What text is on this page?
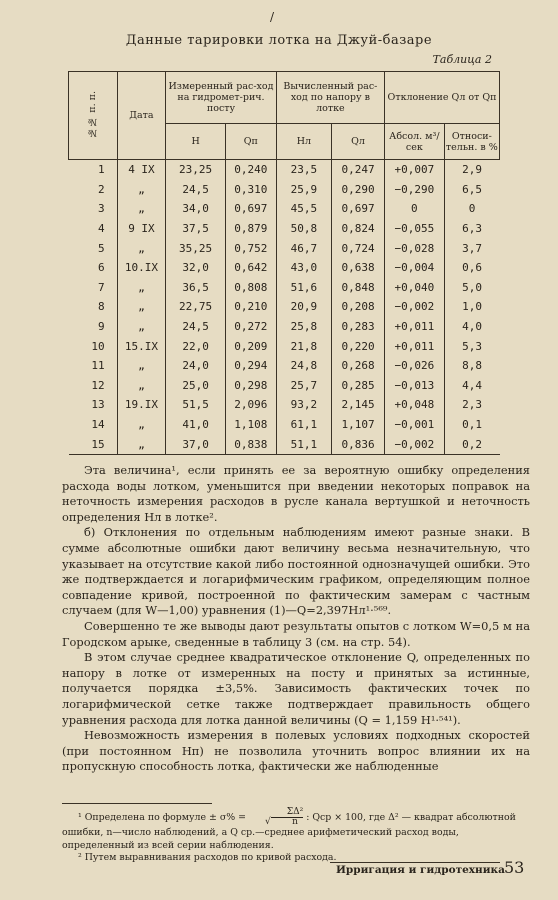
/
Данные тарировки лотка на Джуй-базаре
Таблица 2
№№ п. п.	Дата	Измеренный рас-ход на гидромет-рич. посту		Вычисленный рас-ход по напору в лотке		Отклонение Qл от Qп	
		H	Qп	Hл	Qл	Абсол. м³/сек	Относи-тельн. в %
1	4 IX	23,25	0,240	23,5	0,247	+0,007	2,9
2	„	24,5	0,310	25,9	0,290	−0,290	6,5
3	„	34,0	0,697	45,5	0,697	0	0
4	9 IX	37,5	0,879	50,8	0,824	−0,055	6,3
5	„	35,25	0,752	46,7	0,724	−0,028	3,7
6	10.IX	32,0	0,642	43,0	0,638	−0,004	0,6
7	„	36,5	0,808	51,6	0,848	+0,040	5,0
8	„	22,75	0,210	20,9	0,208	−0,002	1,0
9	„	24,5	0,272	25,8	0,283	+0,011	4,0
10	15.IX	22,0	0,209	21,8	0,220	+0,011	5,3
11	„	24,0	0,294	24,8	0,268	−0,026	8,8
12	„	25,0	0,298	25,7	0,285	−0,013	4,4
13	19.IX	51,5	2,096	93,2	2,145	+0,048	2,3
14	„	41,0	1,108	61,1	1,107	−0,001	0,1
15	„	37,0	0,838	51,1	0,836	−0,002	0,2

Эта величина¹, если принять ее за вероятную ошибку определения расхода воды лотком, уменьшится при введении некоторых поправок на неточность измерения расходов в русле канала вертушкой и неточность определения Hл в лотке².

б) Отклонения по отдельным наблюдениям имеют разные знаки. В сумме абсолютные ошибки дают величину весьма незначительную, что указывает на отсутствие какой либо постоянной однозначущей ошибки. Это же подтверждается и логарифмическим графиком, определяющим полное совпадение кривой, построенной по фактическим замерам с частным случаем (для W—1,00) уравнения (1)—Q=2,397Hл¹·⁵⁶⁹.

Совершенно те же выводы дают результаты опытов с лотком W=0,5 м на Городском арыке, сведенные в таблицу 3 (см. на стр. 54).

В этом случае среднее квадратическое отклонение Q, определенных по напору в лотке от измеренных на посту и принятых за истинные, получается порядка ±3,5%. Зависимость фактических точек по логарифмической сетке также подтверждает правильность общего уравнения расхода для лотка данной величины (Q = 1,159 H¹·⁵⁴¹).

Невозможность измерения в полевых условиях подходных скоростей (при постоянном Hп) не позволила уточнить вопрос влиянии их на пропускную способность лотка, фактически же наблюденные

¹ Определена по формуле ± σ% = √ $\frac{\text{ΣΔ²}}{n}$ : Qср × 100, где Δ² — квадрат абсолютной ошибки, n—число наблюдений, а Q ср.—среднее арифметический расход воды, определенный из всей серии наблюдения.

² Путем выравнивания расходов по кривой расхода.

Ирригация и гидротехника 53
